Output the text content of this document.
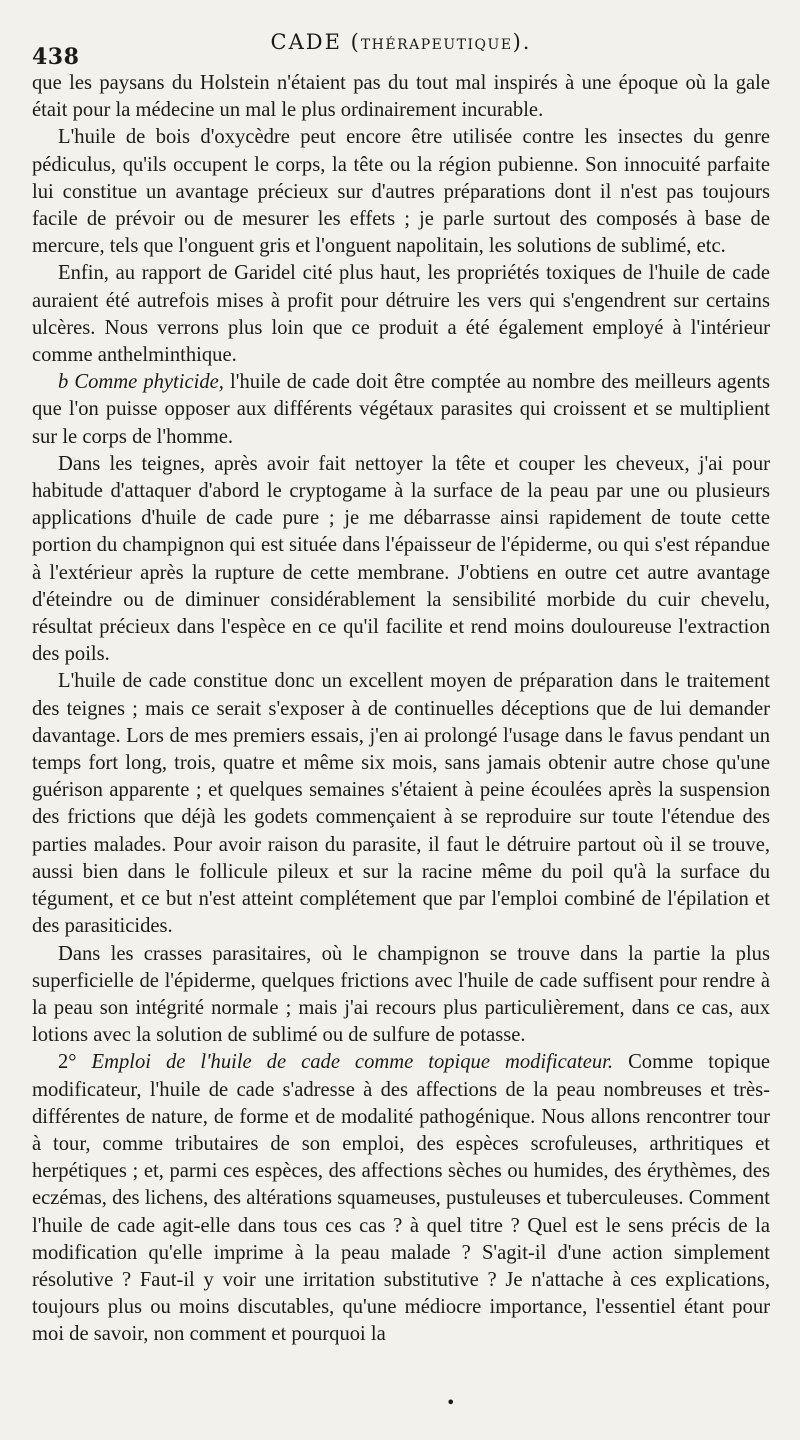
438
CADE (THÉRAPEUTIQUE).

que les paysans du Holstein n'étaient pas du tout mal inspirés à une époque où la gale était pour la médecine un mal le plus ordinairement incurable.

L'huile de bois d'oxycèdre peut encore être utilisée contre les insectes du genre pédiculus, qu'ils occupent le corps, la tête ou la région pubienne. Son innocuité parfaite lui constitue un avantage précieux sur d'autres préparations dont il n'est pas toujours facile de prévoir ou de mesurer les effets ; je parle surtout des composés à base de mercure, tels que l'onguent gris et l'onguent napolitain, les solutions de sublimé, etc.

Enfin, au rapport de Garidel cité plus haut, les propriétés toxiques de l'huile de cade auraient été autrefois mises à profit pour détruire les vers qui s'engendrent sur certains ulcères. Nous verrons plus loin que ce produit a été également employé à l'intérieur comme anthelminthique.

b Comme phyticide, l'huile de cade doit être comptée au nombre des meilleurs agents que l'on puisse opposer aux différents végétaux parasites qui croissent et se multiplient sur le corps de l'homme.

Dans les teignes, après avoir fait nettoyer la tête et couper les cheveux, j'ai pour habitude d'attaquer d'abord le cryptogame à la surface de la peau par une ou plusieurs applications d'huile de cade pure ; je me débarrasse ainsi rapidement de toute cette portion du champignon qui est située dans l'épaisseur de l'épiderme, ou qui s'est répandue à l'extérieur après la rupture de cette membrane. J'obtiens en outre cet autre avantage d'éteindre ou de diminuer considérablement la sensibilité morbide du cuir chevelu, résultat précieux dans l'espèce en ce qu'il facilite et rend moins douloureuse l'extraction des poils.

L'huile de cade constitue donc un excellent moyen de préparation dans le traitement des teignes ; mais ce serait s'exposer à de continuelles déceptions que de lui demander davantage. Lors de mes premiers essais, j'en ai prolongé l'usage dans le favus pendant un temps fort long, trois, quatre et même six mois, sans jamais obtenir autre chose qu'une guérison apparente ; et quelques semaines s'étaient à peine écoulées après la suspension des frictions que déjà les godets commençaient à se reproduire sur toute l'étendue des parties malades. Pour avoir raison du parasite, il faut le détruire partout où il se trouve, aussi bien dans le follicule pileux et sur la racine même du poil qu'à la surface du tégument, et ce but n'est atteint complétement que par l'emploi combiné de l'épilation et des parasiticides.

Dans les crasses parasitaires, où le champignon se trouve dans la partie la plus superficielle de l'épiderme, quelques frictions avec l'huile de cade suffisent pour rendre à la peau son intégrité normale ; mais j'ai recours plus particulièrement, dans ce cas, aux lotions avec la solution de sublimé ou de sulfure de potasse.

2° Emploi de l'huile de cade comme topique modificateur. Comme topique modificateur, l'huile de cade s'adresse à des affections de la peau nombreuses et très-différentes de nature, de forme et de modalité pathogénique. Nous allons rencontrer tour à tour, comme tributaires de son emploi, des espèces scrofuleuses, arthritiques et herpétiques ; et, parmi ces espèces, des affections sèches ou humides, des érythèmes, des eczémas, des lichens, des altérations squameuses, pustuleuses et tuberculeuses. Comment l'huile de cade agit-elle dans tous ces cas ? à quel titre ? Quel est le sens précis de la modification qu'elle imprime à la peau malade ? S'agit-il d'une action simplement résolutive ? Faut-il y voir une irritation substitutive ? Je n'attache à ces explications, toujours plus ou moins discutables, qu'une médiocre importance, l'essentiel étant pour moi de savoir, non comment et pourquoi la

•
